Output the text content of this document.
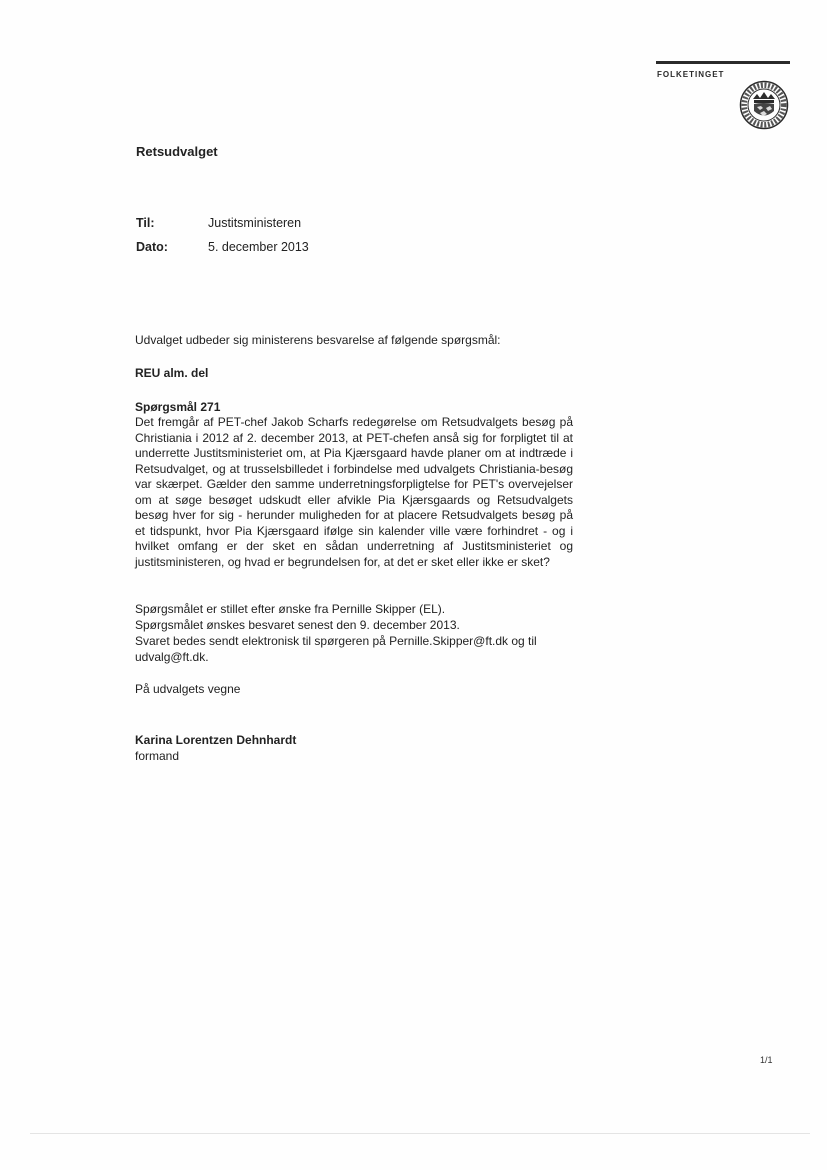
FOLKETINGET
Retsudvalget
Til:	Justitsministeren
Dato:	5. december 2013
Udvalget udbeder sig ministerens besvarelse af følgende spørgsmål:
REU alm. del
Spørgsmål 271
Det fremgår af PET-chef Jakob Scharfs redegørelse om Retsudvalgets besøg på Christiania i 2012 af 2. december 2013, at PET-chefen anså sig for forpligtet til at underrette Justitsministeriet om, at Pia Kjærsgaard havde planer om at indtræde i Retsudvalget, og at trusselsbilledet i forbindelse med udvalgets Christiania-besøg var skærpet. Gælder den samme underretningsforpligtelse for PET's overvejelser om at søge besøget udskudt eller afvikle Pia Kjærsgaards og Retsudvalgets besøg hver for sig - herunder muligheden for at placere Retsudvalgets besøg på et tidspunkt, hvor Pia Kjærsgaard ifølge sin kalender ville være forhindret - og i hvilket omfang er der sket en sådan underretning af Justitsministeriet og justitsministeren, og hvad er begrundelsen for, at det er sket eller ikke er sket?
Spørgsmålet er stillet efter ønske fra Pernille Skipper (EL).
Spørgsmålet ønskes besvaret senest den 9. december 2013.
Svaret bedes sendt elektronisk til spørgeren på Pernille.Skipper@ft.dk og til udvalg@ft.dk.
På udvalgets vegne
Karina Lorentzen Dehnhardt
formand
1/1
